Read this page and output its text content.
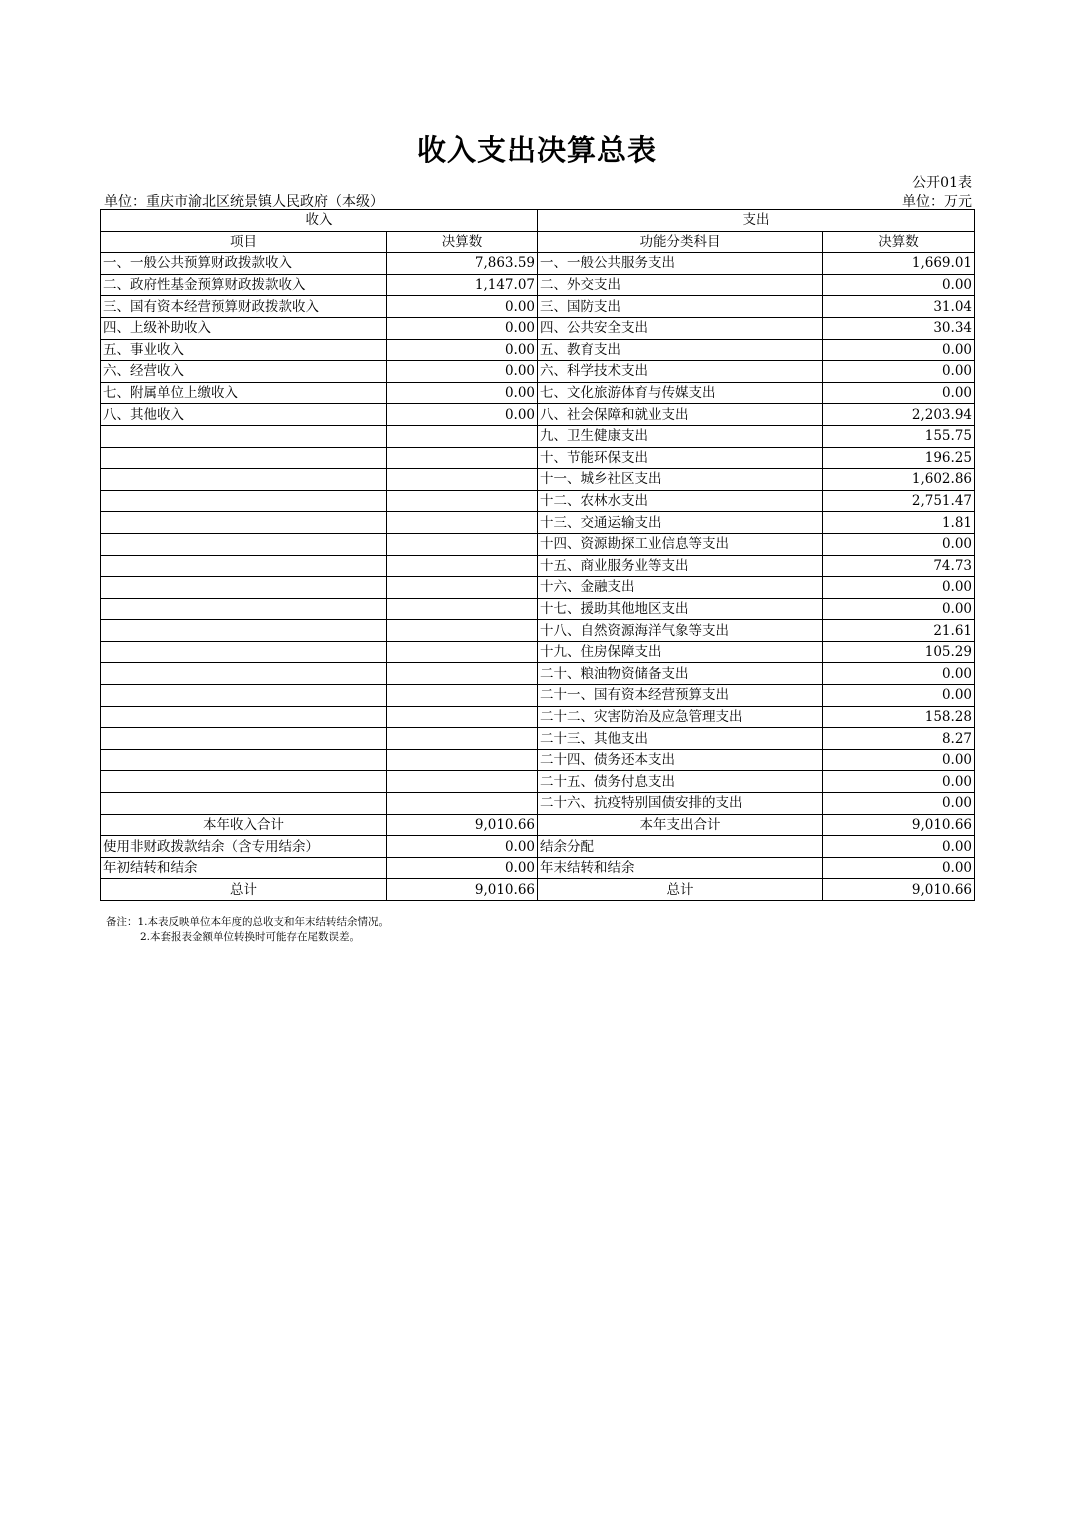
收入支出决算总表
公开01表
单位：重庆市渝北区统景镇人民政府（本级）	单位：万元
收入		支出	
项目	决算数	功能分类科目	决算数
一、一般公共预算财政拨款收入	7,863.59	一、一般公共服务支出	1,669.01
二、政府性基金预算财政拨款收入	1,147.07	二、外交支出	0.00
三、国有资本经营预算财政拨款收入	0.00	三、国防支出	31.04
四、上级补助收入	0.00	四、公共安全支出	30.34
五、事业收入	0.00	五、教育支出	0.00
六、经营收入	0.00	六、科学技术支出	0.00
七、附属单位上缴收入	0.00	七、文化旅游体育与传媒支出	0.00
八、其他收入	0.00	八、社会保障和就业支出	2,203.94
		九、卫生健康支出	155.75
		十、节能环保支出	196.25
		十一、城乡社区支出	1,602.86
		十二、农林水支出	2,751.47
		十三、交通运输支出	1.81
		十四、资源勘探工业信息等支出	0.00
		十五、商业服务业等支出	74.73
		十六、金融支出	0.00
		十七、援助其他地区支出	0.00
		十八、自然资源海洋气象等支出	21.61
		十九、住房保障支出	105.29
		二十、粮油物资储备支出	0.00
		二十一、国有资本经营预算支出	0.00
		二十二、灾害防治及应急管理支出	158.28
		二十三、其他支出	8.27
		二十四、债务还本支出	0.00
		二十五、债务付息支出	0.00
		二十六、抗疫特别国债安排的支出	0.00
本年收入合计	9,010.66	本年支出合计	9,010.66
使用非财政拨款结余（含专用结余）	0.00	结余分配	0.00
年初结转和结余	0.00	年末结转和结余	0.00
总计	9,010.66	总计	9,010.66
备注：1.本表反映单位本年度的总收支和年末结转结余情况。
2.本套报表金额单位转换时可能存在尾数误差。
